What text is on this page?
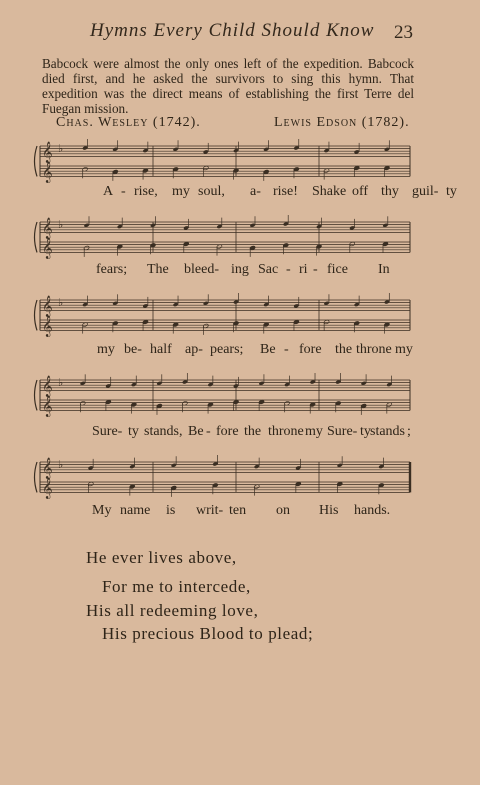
Hymns Every Child Should Know	23
Babcock were almost the only ones left of the expedition. Babcock died first, and he asked the survivors to sing this hymn. That expedition was the direct means of establishing the first Terre del Fuegan mission.
Chas. Wesley (1742).	Lewis Edson (1782).
𝄞
𝄞
♭
A - rise, my soul, a- rise! Shake off thy guil- ty
𝄞
𝄞
♭
fears; The bleed- ing Sac - ri - fice In
𝄞
𝄞
♭
my be- half ap- pears; Be - fore the throne my
𝄞
𝄞
♭
Sure- ty stands, Be - fore the throne my Sure- ty stands ;
𝄞
𝄞
♭
My name is writ- ten on His hands.
He ever lives above,
For me to intercede,
His all redeeming love,
His precious Blood to plead;
